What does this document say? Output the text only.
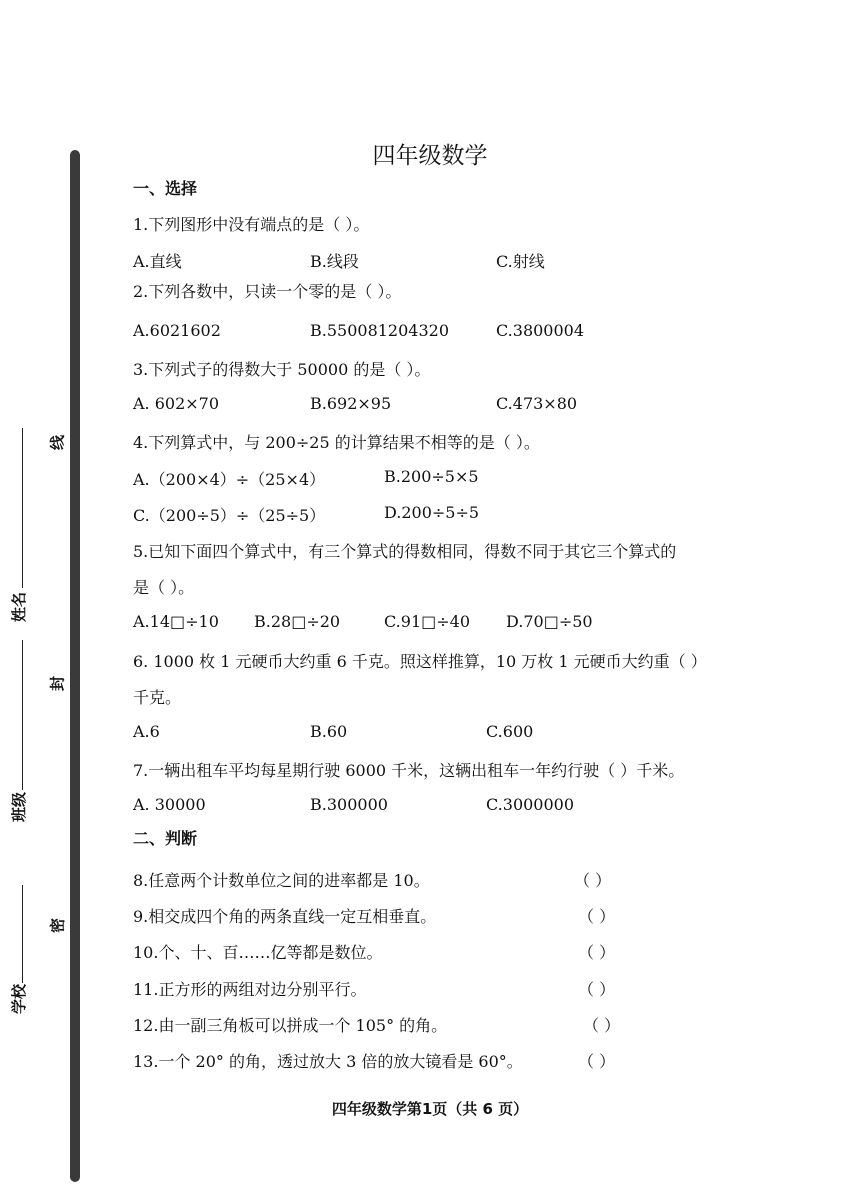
姓名
班级
学校
线
封
密
四年级数学
一、选择
1.下列图形中没有端点的是（ ）。
A.直线	B.线段	C.射线
2.下列各数中，只读一个零的是（ ）。
A.6021602	B.550081204320	C.3800004
3.下列式子的得数大于 50000 的是（ ）。
A. 602×70	B.692×95	C.473×80
4.下列算式中，与 200÷25 的计算结果不相等的是（ ）。
A.（200×4）÷（25×4）	B.200÷5×5
C.（200÷5）÷（25÷5）	D.200÷5÷5
5.已知下面四个算式中，有三个算式的得数相同，得数不同于其它三个算式的
是（ ）。
A.14□÷10 B.28□÷20	C.91□÷40 D.70□÷50
6. 1000 枚 1 元硬币大约重 6 千克。照这样推算，10 万枚 1 元硬币大约重（ ）
千克。
A.6	B.60	C.600
7.一辆出租车平均每星期行驶 6000 千米，这辆出租车一年约行驶（ ）千米。
A. 30000	B.300000	C.3000000
二、判断
8.任意两个计数单位之间的进率都是 10。	（ ）
9.相交成四个角的两条直线一定互相垂直。	（ ）
10.个、十、百……亿等都是数位。	（ ）
11.正方形的两组对边分别平行。	（ ）
12.由一副三角板可以拼成一个 105° 的角。	（ ）
13.一个 20° 的角，透过放大 3 倍的放大镜看是 60°。	（ ）
四年级数学第1页（共 6 页）
